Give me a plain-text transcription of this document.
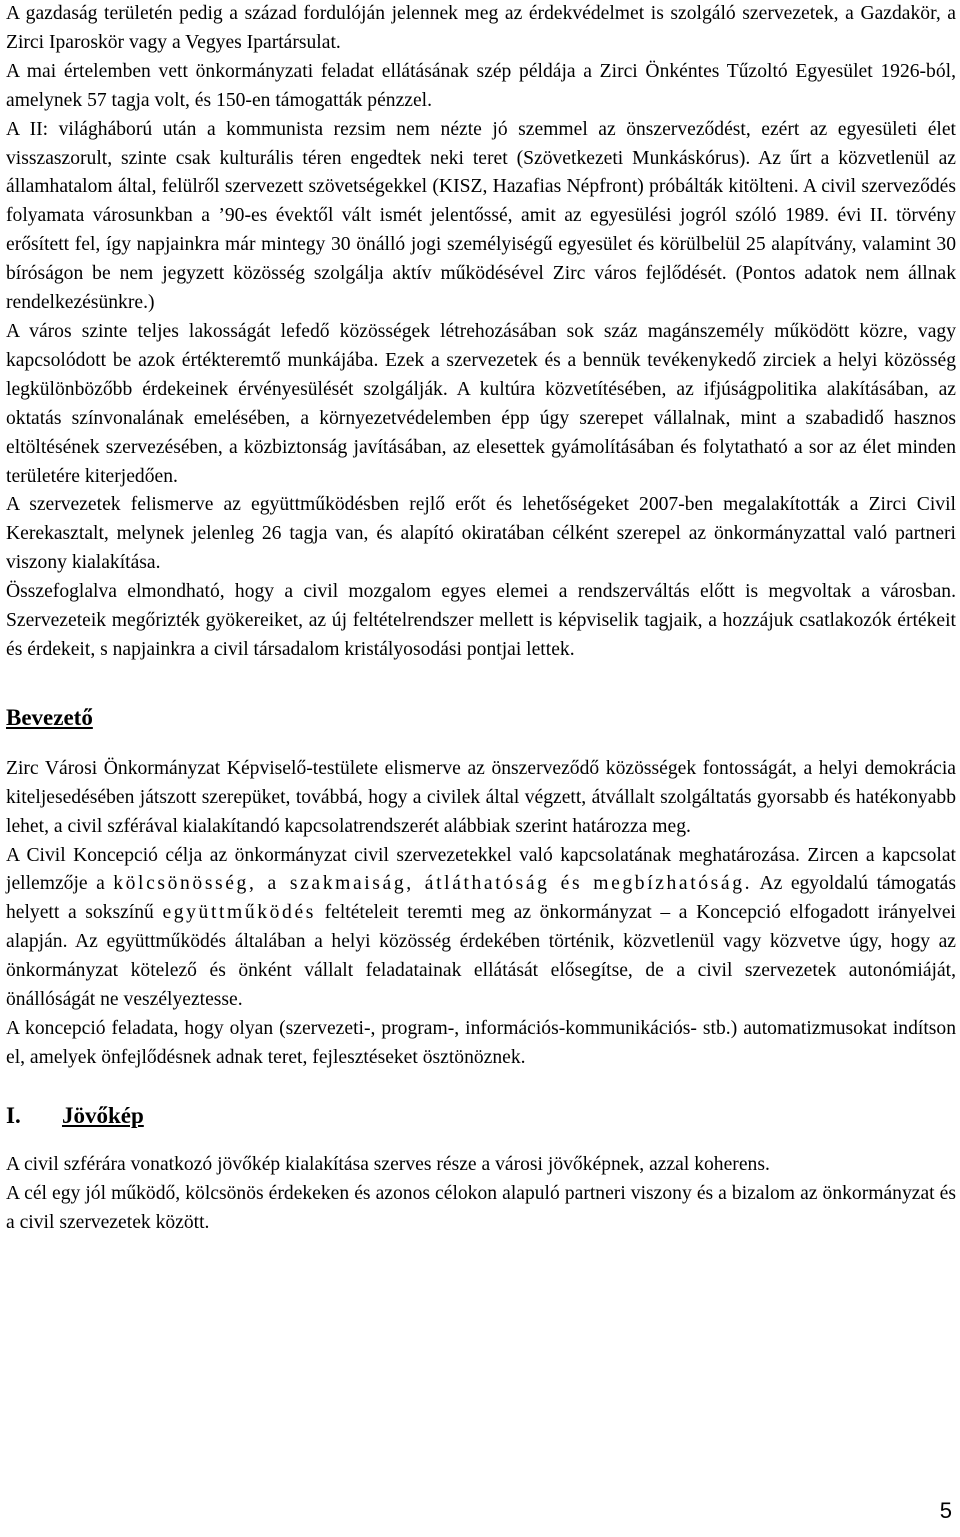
A gazdaság területén pedig a század fordulóján jelennek meg az érdekvédelmet is szolgáló szervezetek, a Gazdakör, a Zirci Iparoskör vagy a Vegyes Ipartársulat.

A mai értelemben vett önkormányzati feladat ellátásának szép példája a Zirci Önkéntes Tűzoltó Egyesület 1926-ból, amelynek 57 tagja volt, és 150-en támogatták pénzzel.

A II: világháború után a kommunista rezsim nem nézte jó szemmel az önszerveződést, ezért az egyesületi élet visszaszorult, szinte csak kulturális téren engedtek neki teret (Szövetkezeti Munkáskórus). Az űrt a közvetlenül az államhatalom által, felülről szervezett szövetségekkel (KISZ, Hazafias Népfront) próbálták kitölteni. A civil szerveződés folyamata városunkban a ’90-es évektől vált ismét jelentőssé, amit az egyesülési jogról szóló 1989. évi II. törvény erősített fel, így napjainkra már mintegy 30 önálló jogi személyiségű egyesület és körülbelül 25 alapítvány, valamint 30 bíróságon be nem jegyzett közösség szolgálja aktív működésével Zirc város fejlődését. (Pontos adatok nem állnak rendelkezésünkre.)

A város szinte teljes lakosságát lefedő közösségek létrehozásában sok száz magánszemély működött közre, vagy kapcsolódott be azok értékteremtő munkájába. Ezek a szervezetek és a bennük tevékenykedő zirciek a helyi közösség legkülönbözőbb érdekeinek érvényesülését szolgálják. A kultúra közvetítésében, az ifjúságpolitika alakításában, az oktatás színvonalának emelésében, a környezetvédelemben épp úgy szerepet vállalnak, mint a szabadidő hasznos eltöltésének szervezésében, a közbiztonság javításában, az elesettek gyámolításában és folytatható a sor az élet minden területére kiterjedően.

A szervezetek felismerve az együttműködésben rejlő erőt és lehetőségeket 2007-ben megalakították a Zirci Civil Kerekasztalt, melynek jelenleg 26 tagja van, és alapító okiratában célként szerepel az önkormányzattal való partneri viszony kialakítása.

Összefoglalva elmondható, hogy a civil mozgalom egyes elemei a rendszerváltás előtt is megvoltak a városban. Szervezeteik megőrizték gyökereiket, az új feltételrendszer mellett is képviselik tagjaik, a hozzájuk csatlakozók értékeit és érdekeit, s napjainkra a civil társadalom kristályosodási pontjai lettek.

Bevezető

Zirc Városi Önkormányzat Képviselő-testülete elismerve az önszerveződő közösségek fontosságát, a helyi demokrácia kiteljesedésében játszott szerepüket, továbbá, hogy a civilek által végzett, átvállalt szolgáltatás gyorsabb és hatékonyabb lehet, a civil szférával kialakítandó kapcsolatrendszerét alábbiak szerint határozza meg.

A Civil Koncepció célja az önkormányzat civil szervezetekkel való kapcsolatának meghatározása. Zircen a kapcsolat jellemzője a kölcsönösség, a szakmaiság, átláthatóság és megbízhatóság. Az egyoldalú támogatás helyett a sokszínű együttműködés feltételeit teremti meg az önkormányzat – a Koncepció elfogadott irányelvei alapján. Az együttműködés általában a helyi közösség érdekében történik, közvetlenül vagy közvetve úgy, hogy az önkormányzat kötelező és önként vállalt feladatainak ellátását elősegítse, de a civil szervezetek autonómiáját, önállóságát ne veszélyeztesse.

A koncepció feladata, hogy olyan (szervezeti-, program-, információs-kommunikációs- stb.) automatizmusokat indítson el, amelyek önfejlődésnek adnak teret, fejlesztéseket ösztönöznek.

I. Jövőkép

A civil szférára vonatkozó jövőkép kialakítása szerves része a városi jövőképnek, azzal koherens.

A cél egy jól működő, kölcsönös érdekeken és azonos célokon alapuló partneri viszony és a bizalom az önkormányzat és a civil szervezetek között.

5
